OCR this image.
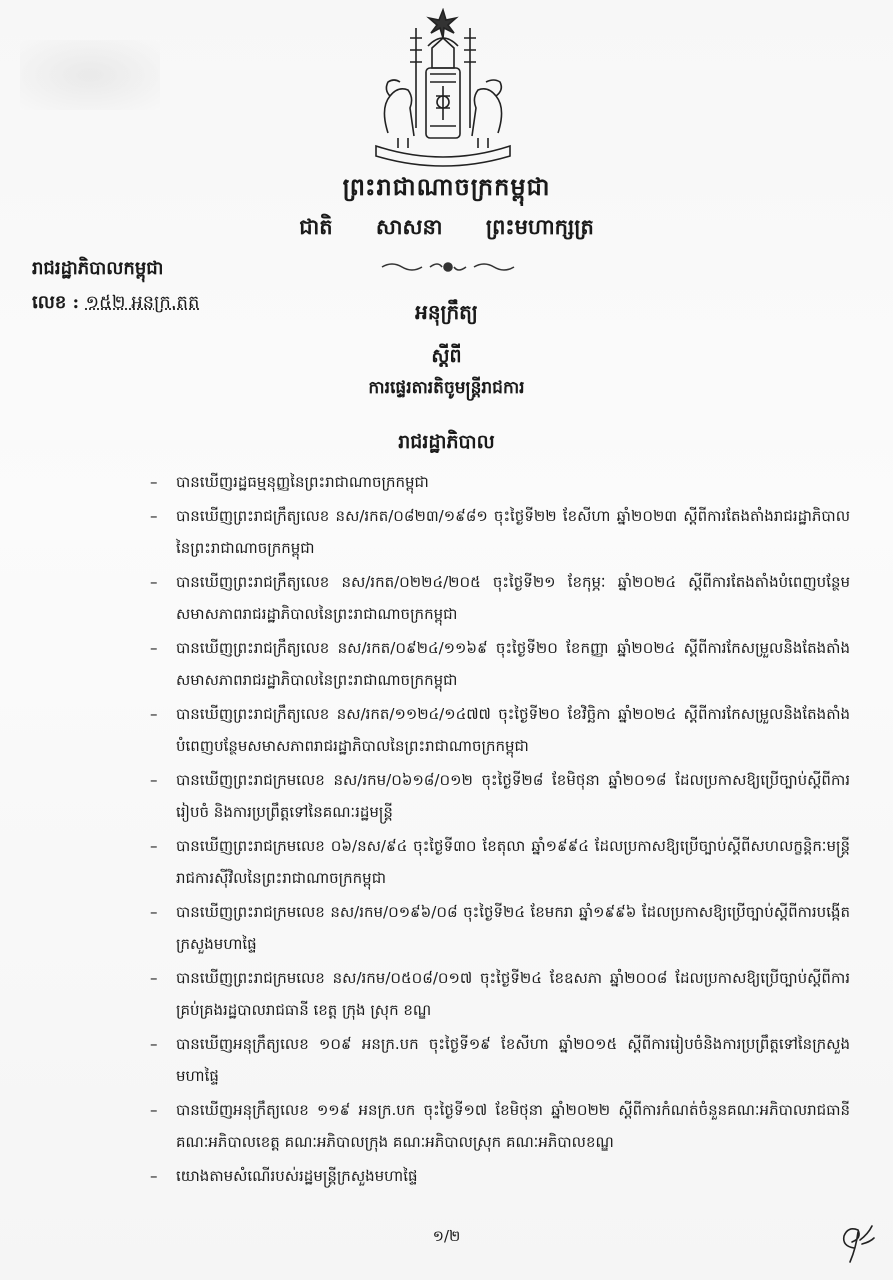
ព្រះរាជាណាចក្រកម្ពុជា
ជាតិ សាសនា ព្រះមហាក្សត្រ
រាជរដ្ឋាភិបាលកម្ពុជា
លេខ : ១៥២ អនក្រ.តត	អនុក្រឹត្យ
ស្តីពី
ការផ្ទេរតារតិចូមន្ត្រីរាជការ
រាជរដ្ឋាភិបាល
– បានឃើញរដ្ឋធម្មនុញ្ញនៃព្រះរាជាណាចក្រកម្ពុជា
– បានឃើញព្រះរាជក្រឹត្យលេខ នស/រកត/០៨២៣/១៩៨១ ចុះថ្ងៃទី២២ ខែសីហា ឆ្នាំ២០២៣ ស្តីពីការតែងតាំងរាជរដ្ឋាភិបាលនៃព្រះរាជាណាចក្រកម្ពុជា
– បានឃើញព្រះរាជក្រឹត្យលេខ នស/រកត/០២២៤/២០៥ ចុះថ្ងៃទី២១ ខែកុម្ភៈ ឆ្នាំ២០២៤ ស្តីពីការតែងតាំងបំពេញបន្ថែមសមាសភាពរាជរដ្ឋាភិបាលនៃព្រះរាជាណាចក្រកម្ពុជា
– បានឃើញព្រះរាជក្រឹត្យលេខ នស/រកត/០៩២៤/១១៦៩ ចុះថ្ងៃទី២០ ខែកញ្ញា ឆ្នាំ២០២៤ ស្តីពីការកែសម្រួលនិងតែងតាំងសមាសភាពរាជរដ្ឋាភិបាលនៃព្រះរាជាណាចក្រកម្ពុជា
– បានឃើញព្រះរាជក្រឹត្យលេខ នស/រកត/១១២៤/១៤៧៧ ចុះថ្ងៃទី២០ ខែវិច្ឆិកា ឆ្នាំ២០២៤ ស្តីពីការកែសម្រួលនិងតែងតាំងបំពេញបន្ថែមសមាសភាពរាជរដ្ឋាភិបាលនៃព្រះរាជាណាចក្រកម្ពុជា
– បានឃើញព្រះរាជក្រមលេខ នស/រកម/០៦១៨/០១២ ចុះថ្ងៃទី២៨ ខែមិថុនា ឆ្នាំ២០១៨ ដែលប្រកាសឱ្យប្រើច្បាប់ស្តីពីការរៀបចំ និងការប្រព្រឹត្តទៅនៃគណៈរដ្ឋមន្ត្រី
– បានឃើញព្រះរាជក្រមលេខ ០៦/នស/៩៤ ចុះថ្ងៃទី៣០ ខែតុលា ឆ្នាំ១៩៩៤ ដែលប្រកាសឱ្យប្រើច្បាប់ស្តីពីសហលក្ខន្តិកៈមន្ត្រីរាជការស៊ីវិលនៃព្រះរាជាណាចក្រកម្ពុជា
– បានឃើញព្រះរាជក្រមលេខ នស/រកម/០១៩៦/០៨ ចុះថ្ងៃទី២៤ ខែមករា ឆ្នាំ១៩៩៦ ដែលប្រកាសឱ្យប្រើច្បាប់ស្តីពីការបង្កើតក្រសួងមហាផ្ទៃ
– បានឃើញព្រះរាជក្រមលេខ នស/រកម/០៥០៨/០១៧ ចុះថ្ងៃទី២៤ ខែឧសភា ឆ្នាំ២០០៨ ដែលប្រកាសឱ្យប្រើច្បាប់ស្តីពីការគ្រប់គ្រងរដ្ឋបាលរាជធានី ខេត្ត ក្រុង ស្រុក ខណ្ឌ
– បានឃើញអនុក្រឹត្យលេខ ១០៩ អនក្រ.បក ចុះថ្ងៃទី១៩ ខែសីហា ឆ្នាំ២០១៥ ស្តីពីការរៀបចំនិងការប្រព្រឹត្តទៅនៃក្រសួងមហាផ្ទៃ
– បានឃើញអនុក្រឹត្យលេខ ១១៩ អនក្រ.បក ចុះថ្ងៃទី១៧ ខែមិថុនា ឆ្នាំ២០២២ ស្តីពីការកំណត់ចំនួនគណៈអភិបាលរាជធានី គណៈអភិបាលខេត្ត គណៈអភិបាលក្រុង គណៈអភិបាលស្រុក គណៈអភិបាលខណ្ឌ
– យោងតាមសំណើរបស់រដ្ឋមន្ត្រីក្រសួងមហាផ្ទៃ
១/២
